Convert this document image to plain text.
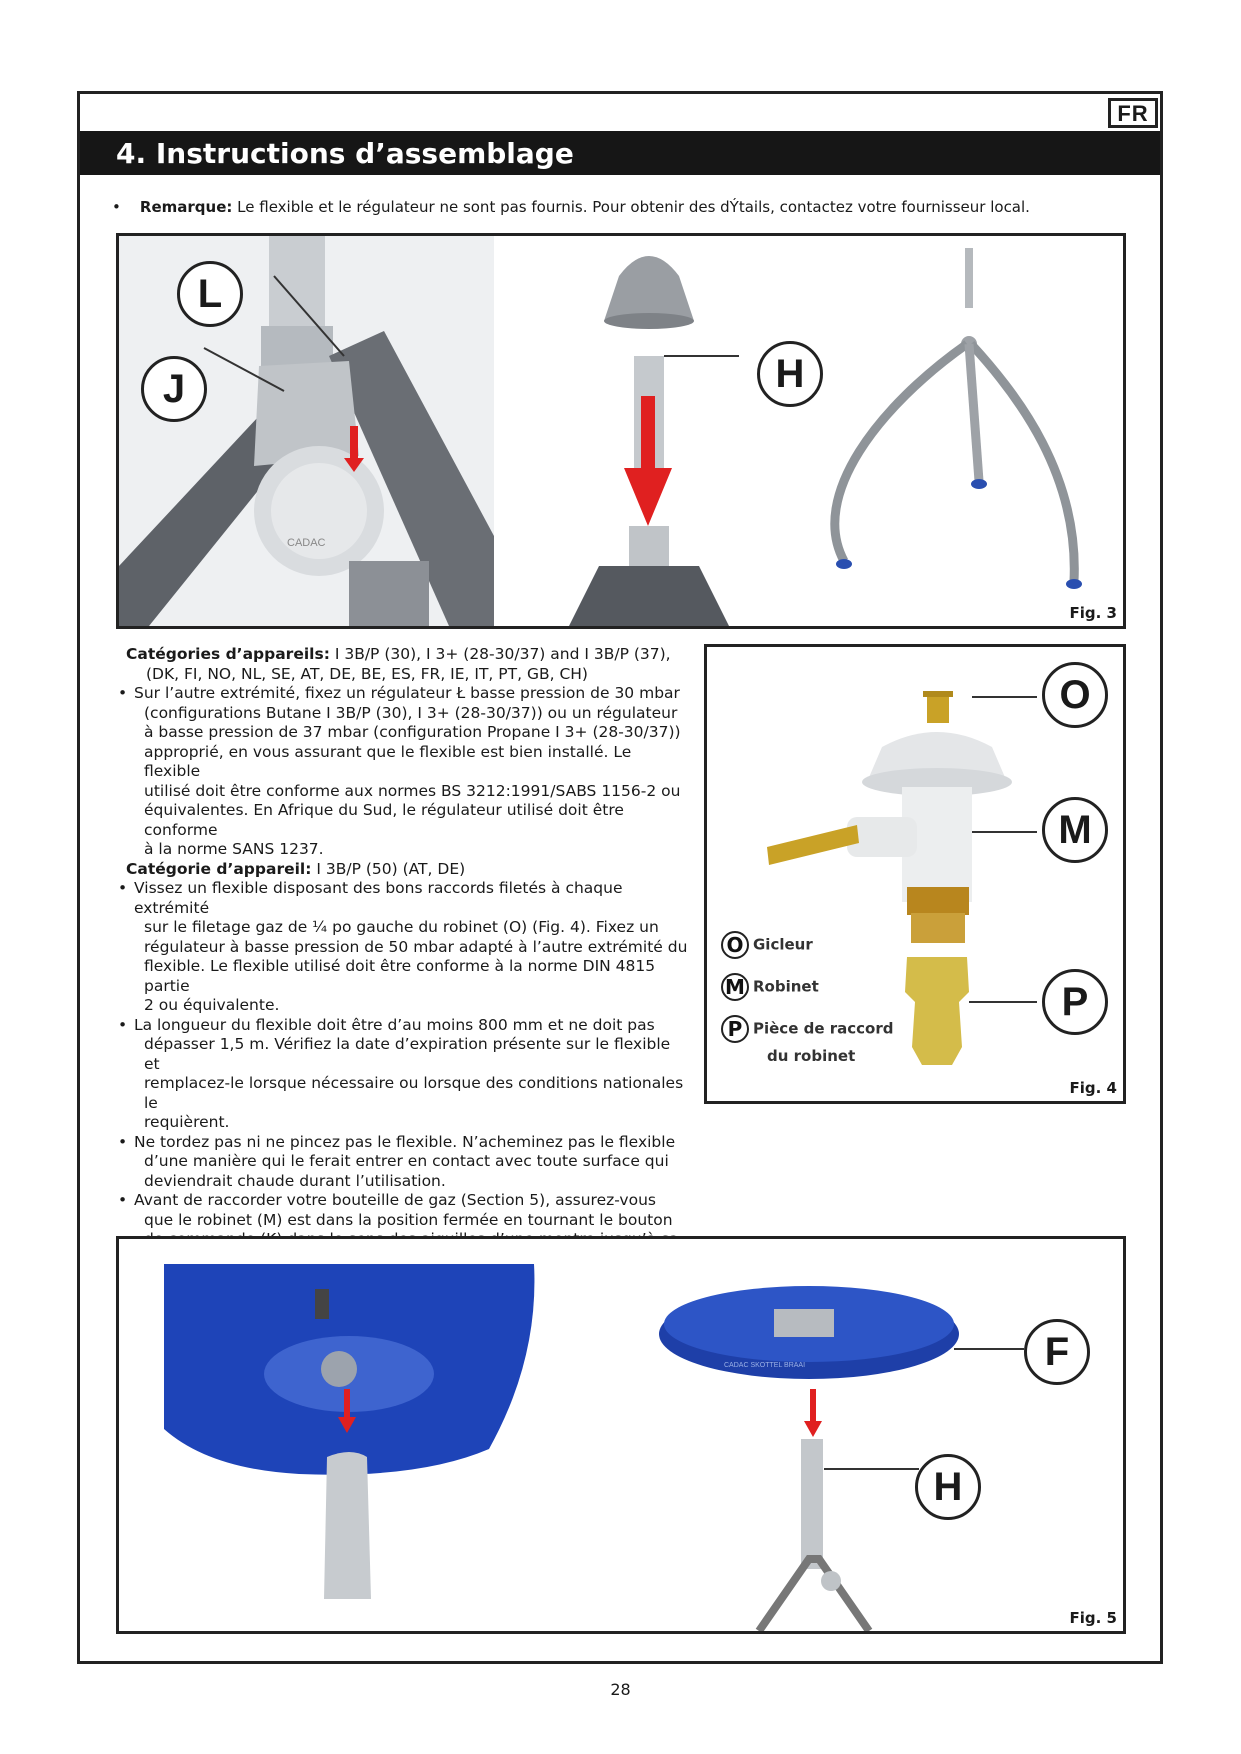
FR
4. Instructions d’assemblage
•    Remarque: Le flexible et le régulateur ne sont pas fournis. Pour obtenir des dÝtails, contactez votre fournisseur local.
CADAC
L
J	H
Fig. 3
Catégories d’appareils: I 3B/P (30), I 3+ (28-30/37) and I 3B/P (37),
(DK, FI, NO, NL, SE, AT, DE, BE, ES, FR, IE, IT, PT, GB, CH)
• Sur l’autre extrémité, fixez un régulateur Ł basse pression de 30 mbar
(configurations Butane I 3B/P (30), I 3+ (28-30/37)) ou un régulateur
à basse pression de 37 mbar (configuration Propane I 3+ (28-30/37))
approprié, en vous assurant que le flexible est bien installé. Le flexible
utilisé doit être conforme aux normes BS 3212:1991/SABS 1156-2 ou
équivalentes. En Afrique du Sud, le régulateur utilisé doit être conforme
à la norme SANS 1237.
Catégorie d’appareil: I 3B/P (50) (AT, DE)
• Vissez un flexible disposant des bons raccords filetés à chaque extrémité
sur le filetage gaz de ¼ po gauche du robinet (O) (Fig. 4). Fixez un
régulateur à basse pression de 50 mbar adapté à l’autre extrémité du
flexible. Le flexible utilisé doit être conforme à la norme DIN 4815 partie
2 ou équivalente.
• La longueur du flexible doit être d’au moins 800 mm et ne doit pas
dépasser 1,5 m. Vérifiez la date d’expiration présente sur le flexible et
remplacez-le lorsque nécessaire ou lorsque des conditions nationales le
requièrent.
• Ne tordez pas ni ne pincez pas le flexible. N’acheminez pas le flexible
d’une manière qui le ferait entrer en contact avec toute surface qui
deviendrait chaude durant l’utilisation.
• Avant de raccorder votre bouteille de gaz (Section 5), assurez-vous
que le robinet (M) est dans la position fermée en tournant le bouton
•
O
M
P
O Gicleur
M Robinet
P Pièce de raccord
du robinet
Fig. 4
CADAC SKOTTEL BRAAI	F
H
Fig. 5
28
